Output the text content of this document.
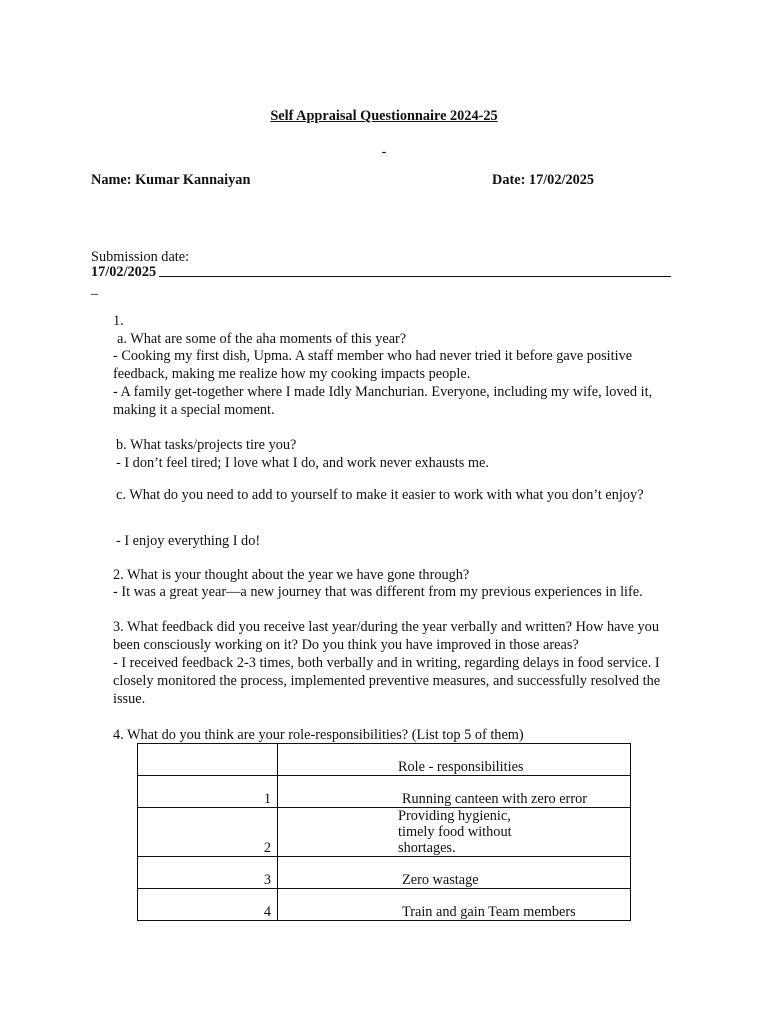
Self Appraisal Questionnaire 2024-25
-
Name: Kumar Kannaiyan	Date: 17/02/2025
Submission date:
17/02/2025
_
1.
a. What are some of the aha moments of this year?
- Cooking my first dish, Upma. A staff member who had never tried it before gave positive feedback, making me realize how my cooking impacts people.
- A family get-together where I made Idly Manchurian. Everyone, including my wife, loved it, making it a special moment.
b. What tasks/projects tire you?
- I don’t feel tired; I love what I do, and work never exhausts me.
c. What do you need to add to yourself to make it easier to work with what you don’t enjoy?
- I enjoy everything I do!
2. What is your thought about the year we have gone through?
- It was a great year—a new journey that was different from my previous experiences in life.
3. What feedback did you receive last year/during the year verbally and written? How have you been consciously working on it? Do you think you have improved in those areas?
- I received feedback 2-3 times, both verbally and in writing, regarding delays in food service. I closely monitored the process, implemented preventive measures, and successfully resolved the issue.
4. What do you think are your role-responsibilities? (List top 5 of them)
	Role - responsibilities
1	Running canteen with zero error
2	Providing hygienic, timely food without shortages.
3	Zero wastage
4	Train and gain Team members
